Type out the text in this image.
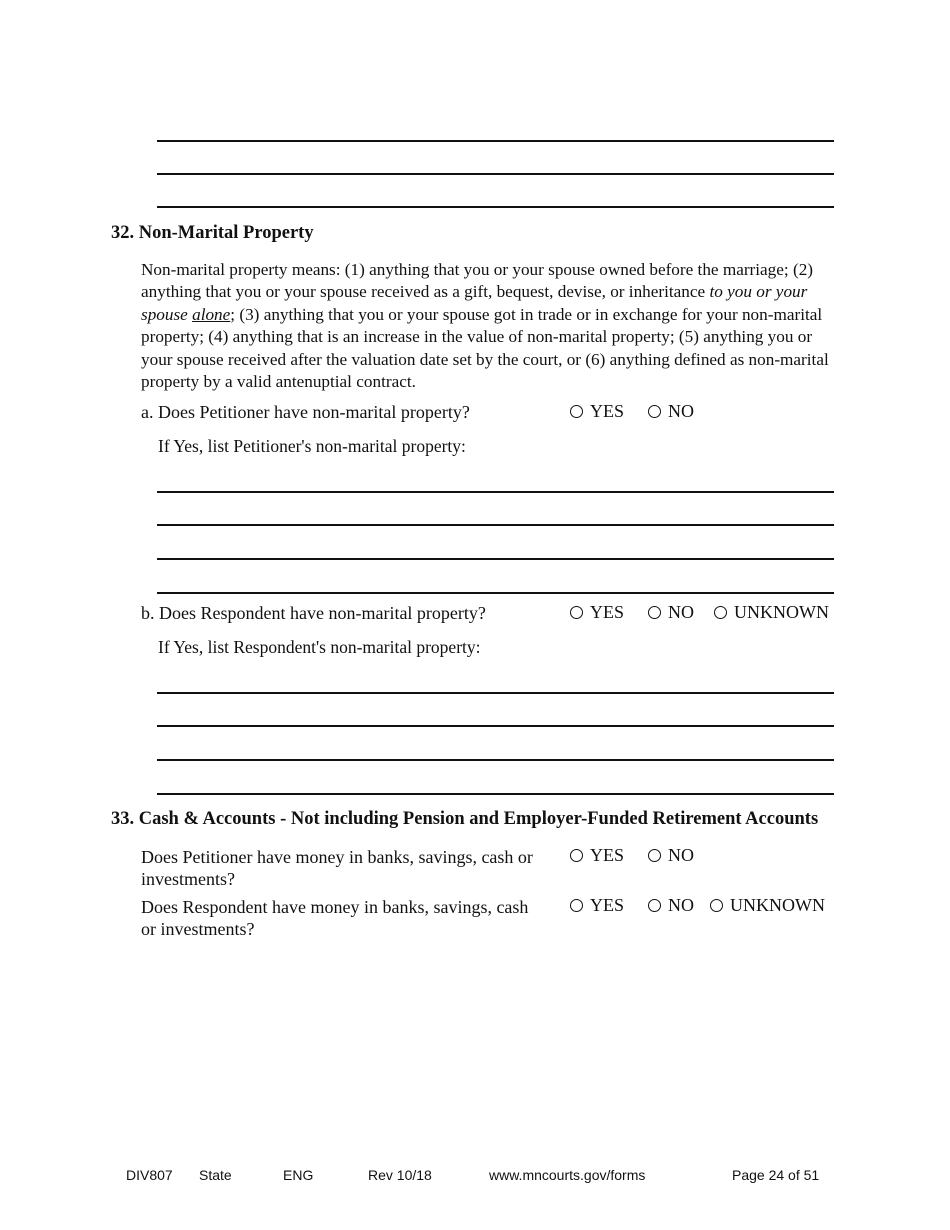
32. Non-Marital Property
Non-marital property means: (1) anything that you or your spouse owned before the marriage; (2) anything that you or your spouse received as a gift, bequest, devise, or inheritance to you or your spouse alone; (3) anything that you or your spouse got in trade or in exchange for your non-marital property; (4) anything that is an increase in the value of non-marital property; (5) anything you or your spouse received after the valuation date set by the court, or (6) anything defined as non-marital property by a valid antenuptial contract.
a. Does Petitioner have non-marital property?	YES NO
If Yes, list Petitioner's non-marital property:
b. Does Respondent have non-marital property?	YES NO UNKNOWN
If Yes, list Respondent's non-marital property:
33. Cash & Accounts - Not including Pension and Employer-Funded Retirement Accounts
Does Petitioner have money in banks, savings, cash or
investments?
YES NO
Does Respondent have money in banks, savings, cash
or investments?
YES NO UNKNOWN
DIV807 State	ENG	Rev 10/18	www.mncourts.gov/forms	Page 24 of 51
